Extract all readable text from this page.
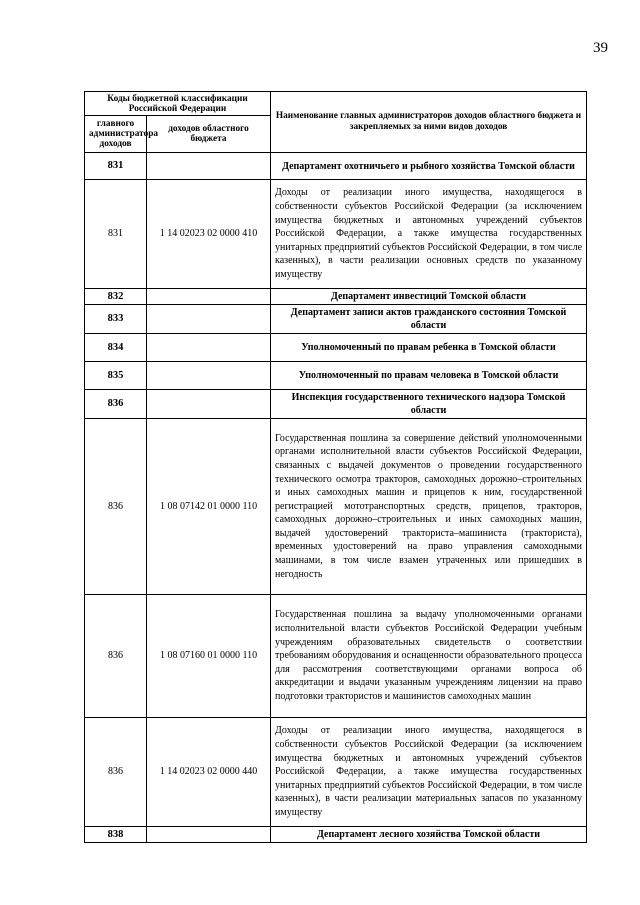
39
Коды бюджетной классификации Российской Федерации		Наименование главных администраторов доходов областного бюджета и закрепляемых за ними видов доходов
главного администратора доходов	доходов областного бюджета	
831		Департамент охотничьего и рыбного хозяйства Томской области
831	1 14 02023 02 0000 410	Доходы от реализации иного имущества, находящегося в собственности субъектов Российской Федерации (за исключением имущества бюджетных и автономных учреждений субъектов Российской Федерации, а также имущества государственных унитарных предприятий субъектов Российской Федерации, в том числе казенных), в части реализации основных средств по указанному имуществу
832		Департамент инвестиций Томской области
833		Департамент записи актов гражданского состояния Томской области
834		Уполномоченный по правам ребенка в Томской области
835		Уполномоченный по правам человека в Томской области
836		Инспекция государственного технического надзора Томской области
836	1 08 07142 01 0000 110	Государственная пошлина за совершение действий уполномоченными органами исполнительной власти субъектов Российской Федерации, связанных с выдачей документов о проведении государственного технического осмотра тракторов, самоходных дорожно–строительных и иных самоходных машин и прицепов к ним, государственной регистрацией мототранспортных средств, прицепов, тракторов, самоходных дорожно–строительных и иных самоходных машин, выдачей удостоверений тракториста–машиниста (тракториста), временных удостоверений на право управления самоходными машинами, в том числе взамен утраченных или пришедших в негодность
836	1 08 07160 01 0000 110	Государственная пошлина за выдачу уполномоченными органами исполнительной власти субъектов Российской Федерации учебным учреждениям образовательных свидетельств о соответствии требованиям оборудования и оснащенности образовательного процесса для рассмотрения соответствующими органами вопроса об аккредитации и выдачи указанным учреждениям лицензии на право подготовки трактористов и машинистов самоходных машин
836	1 14 02023 02 0000 440	Доходы от реализации иного имущества, находящегося в собственности субъектов Российской Федерации (за исключением имущества бюджетных и автономных учреждений субъектов Российской Федерации, а также имущества государственных унитарных предприятий субъектов Российской Федерации, в том числе казенных), в части реализации материальных запасов по указанному имуществу
838		Департамент лесного хозяйства Томской области
